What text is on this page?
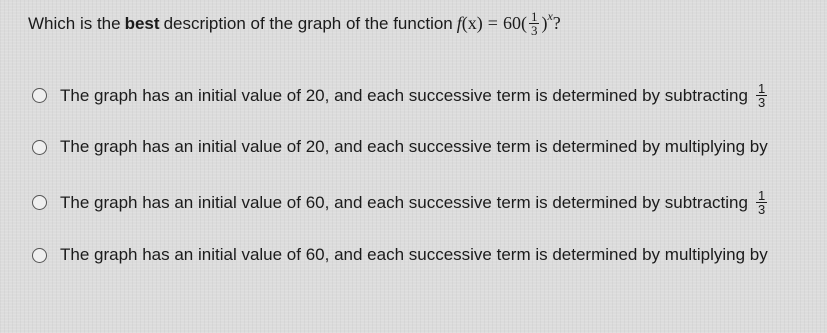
Which is the best description of the graph of the function f $(x) = 60( \frac{1}{3}$ ) x ?
The graph has an initial value of 20, and each successive term is determined by subtracting $\frac{1}{3}$
The graph has an initial value of 20, and each successive term is determined by multiplying by
The graph has an initial value of 60, and each successive term is determined by subtracting $\frac{1}{3}$
The graph has an initial value of 60, and each successive term is determined by multiplying by
